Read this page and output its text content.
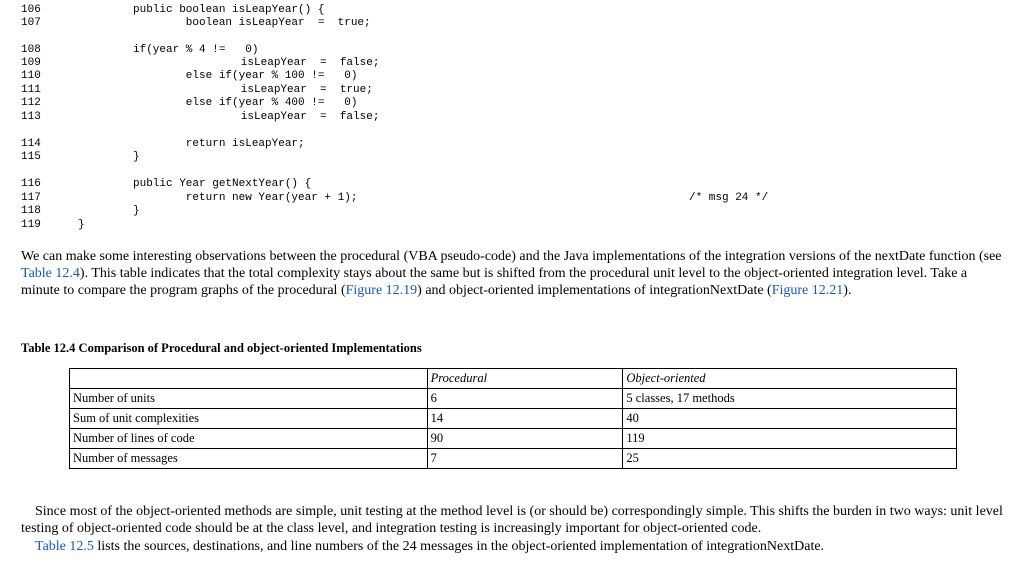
106

	public boolean isLeapYear() {

107

	boolean isLeapYear  =  true;

108

	if(year % 4 !=   0)

109

	isLeapYear  =  false;

110

	else if(year % 100 !=   0)

111

	isLeapYear  =  true;

112

	else if(year % 400 !=   0)

113

	isLeapYear  =  false;

114

	return isLeapYear;

115

	}

116

	public Year getNextYear() {

117

	return new Year(year + 1);

	/* msg 24 */

118

	}

119

	}

We can make some interesting observations between the procedural (VBA pseudo-code) and the Java implementations of the integration versions of the nextDate function (see Table 12.4). This table indicates that the total complexity stays about the same but is shifted from the procedural unit level to the object-oriented integration level. Take a minute to compare the program graphs of the procedural (Figure 12.19) and object-oriented implementations of integrationNextDate (Figure 12.21).

Table 12.4 Comparison of Procedural and object-oriented Implementations
	Procedural	Object-oriented
Number of units	6	5 classes, 17 methods
Sum of unit complexities	14	40
Number of lines of code	90	119
Number of messages	7	25

Since most of the object-oriented methods are simple, unit testing at the method level is (or should be) correspondingly simple. This shifts the burden in two ways: unit level testing of object-oriented code should be at the class level, and integration testing is increasingly important for object-oriented code.

Table 12.5 lists the sources, destinations, and line numbers of the 24 messages in the object-oriented implementation of integrationNextDate.
